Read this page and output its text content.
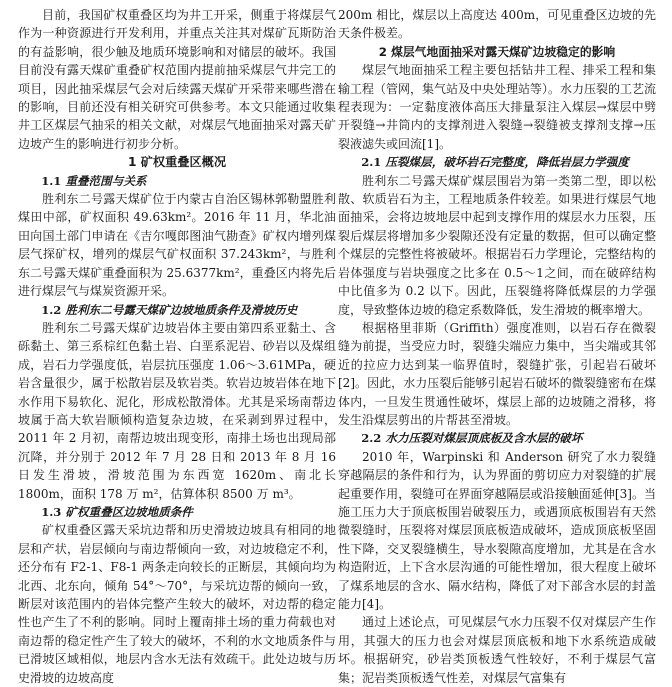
目前，我国矿权重叠区均为井工开采，侧重于将煤层气作为一种资源进行开发利用，并重点关注其对煤矿瓦斯防治的有益影响，很少触及地质环境影响和对储层的破坏。我国目前没有露天煤矿重叠矿权范围内提前抽采煤层气井完工的项目，因此抽采煤层气会对后续露天煤矿开采带来哪些潜在的影响，目前还没有相关研究可供参考。本文只能通过收集井工区煤层气抽采的相关文献，对煤层气地面抽采对露天矿边坡产生的影响进行初步分析。

1 矿权重叠区概况
1.1 重叠范围与关系

胜利东二号露天煤矿位于内蒙古自治区锡林郭勒盟胜利煤田中部，矿权面积 49.63km²。2016 年 11 月，华北油田向国土部门申请在《吉尔嘎郎图油气勘查》矿权内增列煤层气探矿权，增列的煤层气矿权面积 37.243km²，与胜利东二号露天煤矿重叠面积为 25.6377km²，重叠区内将先后进行煤层气与煤炭资源开采。

1.2 胜利东二号露天煤矿边坡地质条件及滑坡历史

胜利东二号露天煤矿边坡岩体主要由第四系亚黏土、含砾黏土、第三系棕红色黏土岩、白垩系泥岩、砂岩以及煤组成，岩石力学强度低，岩层抗压强度 1.06～3.61MPa，硬岩含量很少，属于松散岩层及软岩类。软岩边坡岩体在地下水作用下易软化、泥化，形成松散滑体。尤其是采场南帮边坡属于高大软岩顺倾构造复杂边坡，在采剥到界过程中，2011 年 2 月初，南帮边坡出现变形，南排土场也出现局部沉降，并分别于 2012 年 7 月 28 日和 2013 年 8 月 16 日发生滑坡，滑坡范围为东西宽 1620m、南北长 1800m，面积 178 万 m²，估算体积 8500 万 m³。

1.3 矿权重叠区边坡地质条件

矿权重叠区露天采坑边帮和历史滑坡边坡具有相同的地层和产状，岩层倾向与南边帮倾向一致，对边坡稳定不利，还分布有 F2-1、F8-1 两条走向较长的正断层，其倾向均为北西、北东向，倾角 54°～70°，与采坑边帮的倾向一致，断层对该范围内的岩体完整产生较大的破坏，对边帮的稳定性也产生了不利的影响。同时上覆南排土场的重力荷载也对南边帮的稳定性产生了较大的破坏，不利的水文地质条件与已滑坡区域相似，地层内含水无法有效疏干。此处边坡与历史滑坡的边坡高度

200m 相比，煤层以上高度达 400m，可见重叠区边坡的先天条件极差。

2 煤层气地面抽采对露天煤矿边坡稳定的影响

煤层气地面抽采工程主要包括钻井工程、排采工程和集输工程（管网，集气站及中央处理站等）。水力压裂的工艺流程表现为：一定黏度液体高压大排量泵注入煤层→煤层中劈开裂缝→井筒内的支撑剂进入裂缝→裂缝被支撑剂支撑→压裂液滤失或回流[1]。

2.1 压裂煤层，破坏岩石完整度，降低岩层力学强度

胜利东二号露天煤矿煤层围岩为第一类第二型，即以松散、软质岩石为主，工程地质条件较差。如果进行煤层气地面抽采，会将边坡地层中起到支撑作用的煤层水力压裂，压裂后煤层将增加多少裂隙还没有定量的数据，但可以确定整个煤层的完整性将被破坏。根据岩石力学理论，完整结构的岩体强度与岩块强度之比多在 0.5～1之间，而在破碎结构中比值多为 0.2 以下。因此，压裂缝将降低煤层的力学强度，导致整体边坡的稳定系数降低，发生滑坡的概率增大。

根据格里菲斯（Griffith）强度准则，以岩石存在微裂缝为前提，当受应力时，裂缝尖端应力集中，当尖端或其邻近的拉应力达到某一临界值时，裂缝扩张，引起岩石破坏[2]。因此，水力压裂后能够引起岩石破坏的微裂缝密布在煤体内，一旦发生贯通性破坏，煤层上部的边坡随之滑移，将发生沿煤层剪出的片帮甚至滑坡。

2.2 水力压裂对煤层顶底板及含水层的破坏

2010 年，Warpinski 和 Anderson 研究了水力裂缝穿越隔层的条件和行为，认为界面的剪切应力对裂缝的扩展起重要作用，裂缝可在界面穿越隔层或沿接触面延伸[3]。当施工压力大于顶底板围岩破裂压力，或遇顶底板围岩有天然微裂缝时，压裂将对煤层顶底板造成破坏，造成顶底板坚固性下降，交叉裂缝横生，导水裂隙高度增加，尤其是在含水构造附近，上下含水层沟通的可能性增加，很大程度上破坏了煤系地层的含水、隔水结构，降低了对下部含水层的封盖能力[4]。

通过上述论点，可见煤层气水力压裂不仅对煤层产生作用，其强大的压力也会对煤层顶底板和地下水系统造成破坏。根据研究，砂岩类顶板透气性较好，不利于煤层气富集；泥岩类顶板透气性差，对煤层气富集有
